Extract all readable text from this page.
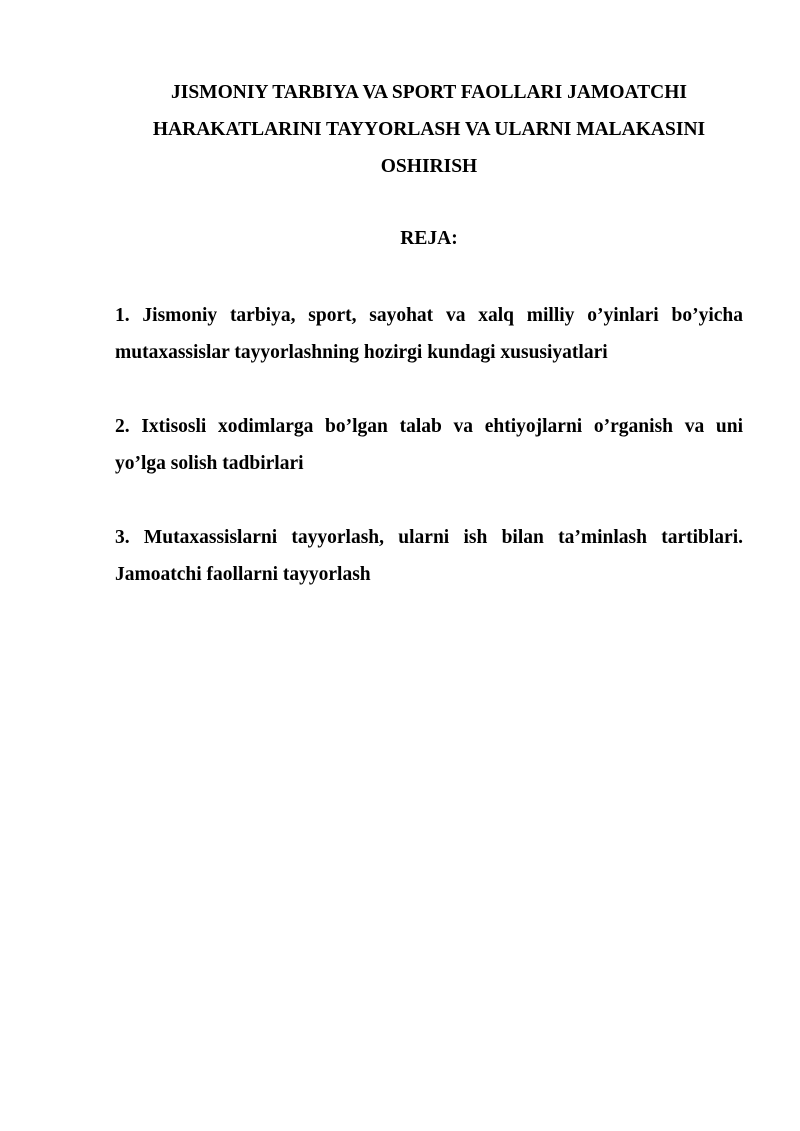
JISMONIY TARBIYA VA SPORT FAOLLARI JAMOATCHI
HARAKATLARINI TAYYORLASH VA ULARNI MALAKASINI
OSHIRISH
REJA:
1. Jismoniy tarbiya, sport, sayohat va xalq milliy o’yinlari bo’yicha
mutaxassislar tayyorlashning hozirgi kundagi xususiyatlari
2. Ixtisosli xodimlarga bo’lgan talab va ehtiyojlarni o’rganish va uni
yo’lga solish tadbirlari
3. Mutaxassislarni tayyorlash, ularni ish bilan ta’minlash tartiblari.
Jamoatchi faollarni tayyorlash
